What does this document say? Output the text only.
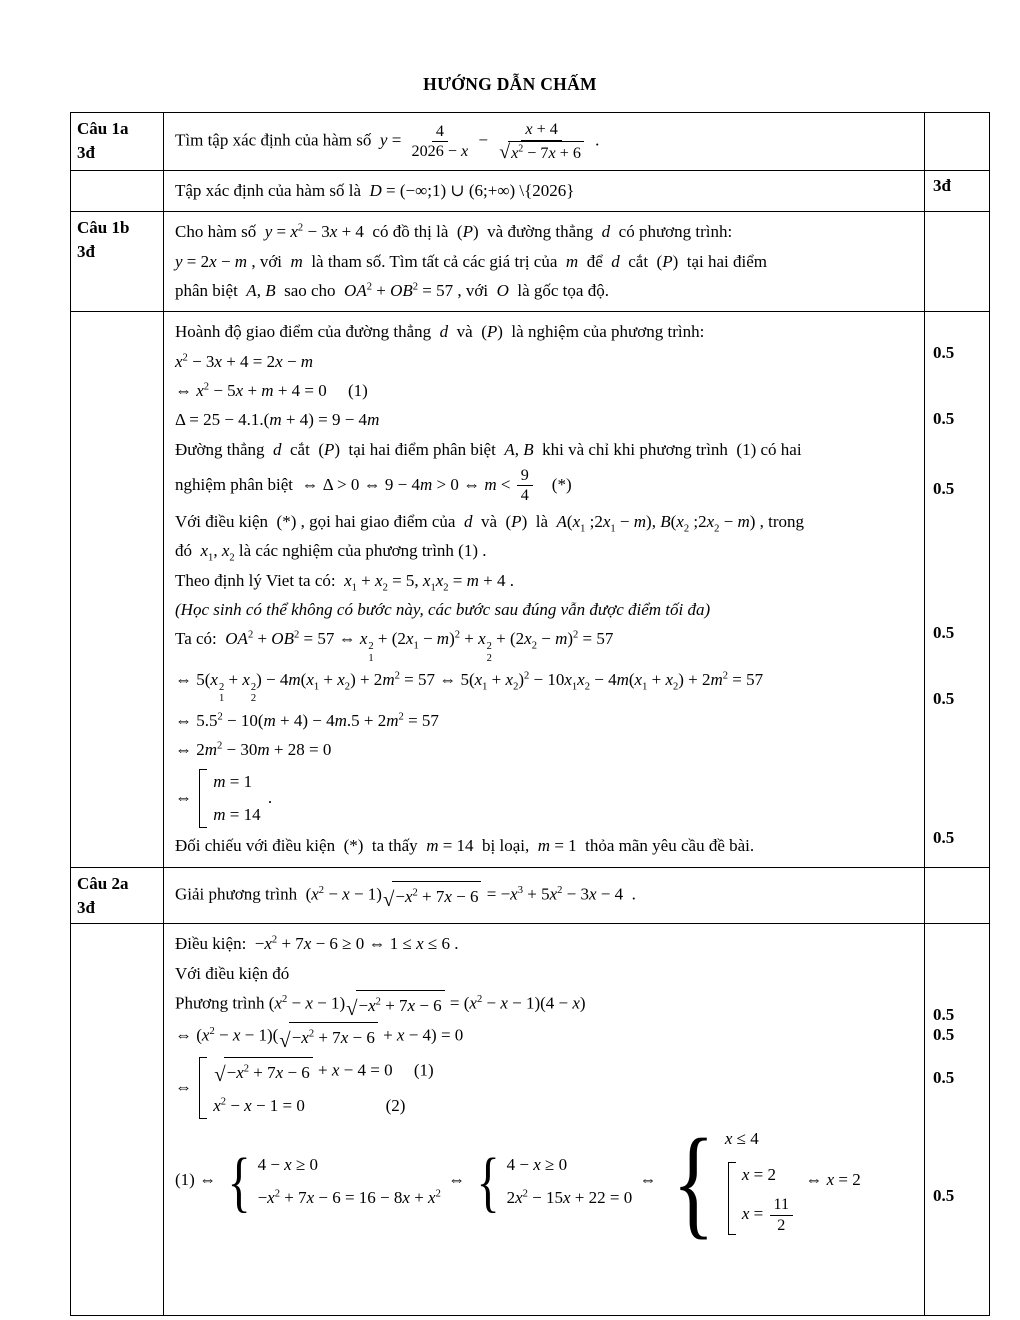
HƯỚNG DẪN CHẤM
Câu 1a
3đ
Tìm tập xác định của hàm số  $y = \frac{4}{2026 - x} - \frac{x + 4}{√ x^2 - 7x + 6}$ .
Tập xác định của hàm số là  D = (−∞;1) ∪ (6;+∞) \{2026}	3đ
Câu 1b
3đ
Cho hàm số  $y = x^2 - 3x + 4$  có đồ thị là  (P)  và đường thẳng  d  có phương trình:
y = 2x − m , với  m  là tham số. Tìm tất cả các giá trị của  m  để  d  cắt  (P)  tại hai điểm
phân biệt  A, B  sao cho  $OA^2 + OB^2 = 57$ , với  O  là gốc tọa độ.
Hoành độ giao điểm của đường thẳng  d  và  (P)  là nghiệm của phương trình:
$x^2 - 3x + 4 = 2x - m$
⇔ $x^2 - 5x + m + 4 = 0$     (1)
Δ = 25 − 4.1.(m + 4) = 9 − 4m
Đường thẳng  d  cắt  (P)  tại hai điểm phân biệt  A, B  khi và chỉ khi phương trình  (1) có hai
nghiệm phân biệt  ⇔ Δ > 0 ⇔ 9 − 4m > 0 ⇔ $m < \frac{9}{4}$ (*)
Với điều kiện  (*) , gọi hai giao điểm của  d  và  (P)  là  $A(x_1$ $;2x_1 - m$), $B(x_2$ $;2x_2 - m$) , trong
đó  $x_1$, $x_2$ là các nghiệm của phương trình (1) .
Theo định lý Viet ta có:  $x_1 + x_2 = 5$, $x_1x_2 = m + 4$ .
(Học sinh có thể không có bước này, các bước sau đúng vẫn được điểm tối đa)
Ta có:  $OA^2 + OB^2 = 57$ ⇔ x 2
1
+ $(2x_1 - m)^2 + x$ 2
2
+ $(2x_2 - m)^2 = 57$
⇔ 5(x 2
1
+ x 2
2
) − $4m(x_1 + x_2) + 2m^2 = 57$ ⇔ $5(x_1 + x_2)^2 - 10x_1x_2 - 4m(x_1 + x_2) + 2m^2 = 57$
⇔ $5.5^2 - 10(m + 4) - 4m.5 + 2m^2 = 57$
⇔ $2m^2 - 30m + 28 = 0$
⇔
m = 1
m = 14
.
Đối chiếu với điều kiện  (*)  ta thấy  m = 14  bị loại,  m = 1  thỏa mãn yêu cầu đề bài.
0.5
0.5
0.5
0.5
0.5
0.5
Câu 2a
3đ
Giải phương trình  $(x^2 - x - 1)$ √ $-x^2 + 7x - 6 = -x^3 + 5x^2 - 3x - 4$  .
Điều kiện:  $-x^2 + 7x - 6 \ge 0$ ⇔ 1 ≤ x ≤ 6 .
Với điều kiện đó
Phương trình $(x^2 - x - 1)$ √ $-x^2 + 7x - 6 = (x^2 - x - 1)(4 - x)$
⇔ $(x^2 - x - 1)$( √ $-x^2 + 7x - 6 + x - 4) = 0$
⇔
√ $-x^2 + 7x - 6 + x - 4 = 0$     (1)
$x^2 - x - 1 = 0$                   (2)
(1) ⇔ { 4 − x ≥ 0
$-x^2 + 7x - 6 = 16 - 8x + x^2$
⇔ { 4 − x ≥ 0
$2x^2 - 15x + 22 = 0$
⇔ { x ≤ 4
x = 2
$x = \frac{11}{2}$
⇔ x = 2
0.5
0.5
0.5
0.5
